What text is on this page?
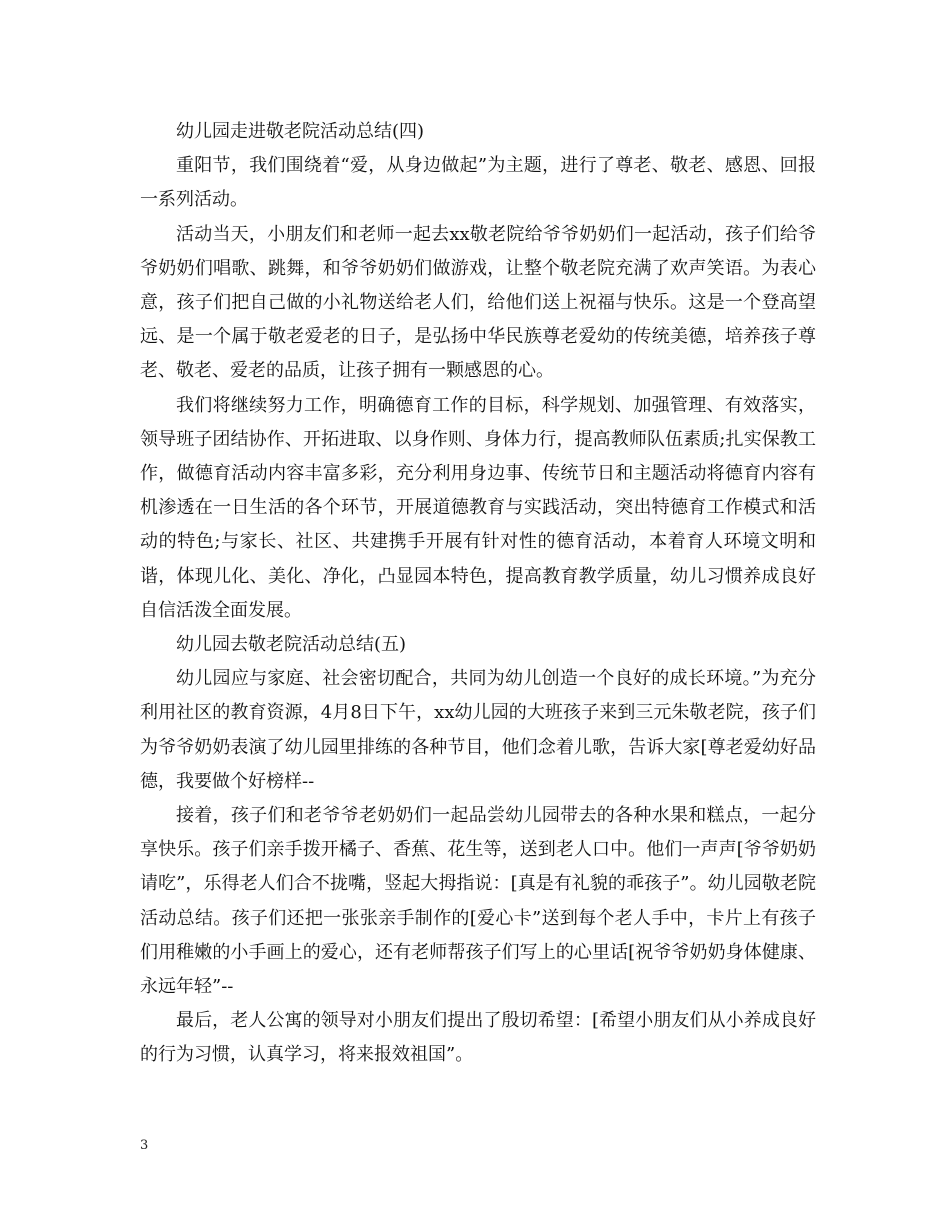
幼儿园走进敬老院活动总结(四)

重阳节，我们围绕着“爱，从身边做起”为主题，进行了尊老、敬老、感恩、回报一系列活动。

活动当天，小朋友们和老师一起去xx敬老院给爷爷奶奶们一起活动，孩子们给爷爷奶奶们唱歌、跳舞，和爷爷奶奶们做游戏，让整个敬老院充满了欢声笑语。为表心意，孩子们把自己做的小礼物送给老人们，给他们送上祝福与快乐。这是一个登高望远、是一个属于敬老爱老的日子，是弘扬中华民族尊老爱幼的传统美德，培养孩子尊老、敬老、爱老的品质，让孩子拥有一颗感恩的心。

我们将继续努力工作，明确德育工作的目标，科学规划、加强管理、有效落实，领导班子团结协作、开拓进取、以身作则、身体力行，提高教师队伍素质;扎实保教工作，做德育活动内容丰富多彩，充分利用身边事、传统节日和主题活动将德育内容有机渗透在一日生活的各个环节，开展道德教育与实践活动，突出特德育工作模式和活动的特色;与家长、社区、共建携手开展有针对性的德育活动，本着育人环境文明和谐，体现儿化、美化、净化，凸显园本特色，提高教育教学质量，幼儿习惯养成良好自信活泼全面发展。

幼儿园去敬老院活动总结(五)

幼儿园应与家庭、社会密切配合，共同为幼儿创造一个良好的成长环境。”为充分利用社区的教育资源，4月8日下午，xx幼儿园的大班孩子来到三元朱敬老院，孩子们为爷爷奶奶表演了幼儿园里排练的各种节目，他们念着儿歌，告诉大家[尊老爱幼好品德，我要做个好榜样--

接着，孩子们和老爷爷老奶奶们一起品尝幼儿园带去的各种水果和糕点，一起分享快乐。孩子们亲手拨开橘子、香蕉、花生等，送到老人口中。他们一声声[爷爷奶奶请吃”，乐得老人们合不拢嘴，竖起大拇指说：[真是有礼貌的乖孩子”。幼儿园敬老院活动总结。孩子们还把一张张亲手制作的[爱心卡”送到每个老人手中，卡片上有孩子们用稚嫩的小手画上的爱心，还有老师帮孩子们写上的心里话[祝爷爷奶奶身体健康、永远年轻”--

最后，老人公寓的领导对小朋友们提出了殷切希望：[希望小朋友们从小养成良好的行为习惯，认真学习，将来报效祖国”。

3
